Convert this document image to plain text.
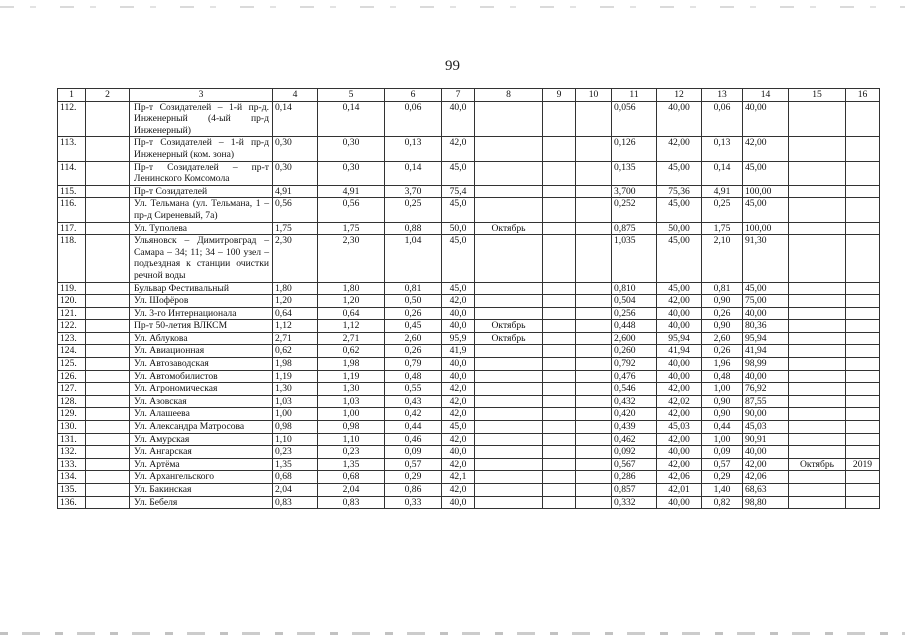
99
1	2	3	4	5	6	7	8	9	10	11	12	13	14	15	16
112.		Пр-т Созидателей – 1-й пр-д. Инженерный (4-ый пр-д Инженерный)	0,14	0,14	0,06	40,0				0,056	40,00	0,06	40,00		
113.		Пр-т Созидателей – 1-й пр-д Инженерный (ком. зона)	0,30	0,30	0,13	42,0				0,126	42,00	0,13	42,00		
114.		Пр-т Созидателей – пр-т Ленинского Комсомола	0,30	0,30	0,14	45,0				0,135	45,00	0,14	45,00		
115.		Пр-т Созидателей	4,91	4,91	3,70	75,4				3,700	75,36	4,91	100,00		
116.		Ул. Тельмана (ул. Тельмана, 1 – пр-д Сиреневый, 7а)	0,56	0,56	0,25	45,0				0,252	45,00	0,25	45,00		
117.		Ул. Туполева	1,75	1,75	0,88	50,0	Октябрь			0,875	50,00	1,75	100,00		
118.		Ульяновск – Димитровград – Самара – 34; 11; 34 – 100 узел – подъездная к станции очистки речной воды	2,30	2,30	1,04	45,0				1,035	45,00	2,10	91,30		
119.		Бульвар Фестивальный	1,80	1,80	0,81	45,0				0,810	45,00	0,81	45,00		
120.		Ул. Шофёров	1,20	1,20	0,50	42,0				0,504	42,00	0,90	75,00		
121.		Ул. 3-го Интернационала	0,64	0,64	0,26	40,0				0,256	40,00	0,26	40,00		
122.		Пр-т 50-летия ВЛКСМ	1,12	1,12	0,45	40,0	Октябрь			0,448	40,00	0,90	80,36		
123.		Ул. Аблукова	2,71	2,71	2,60	95,9	Октябрь			2,600	95,94	2,60	95,94		
124.		Ул. Авиационная	0,62	0,62	0,26	41,9				0,260	41,94	0,26	41,94		
125.		Ул. Автозаводская	1,98	1,98	0,79	40,0				0,792	40,00	1,96	98,99		
126.		Ул. Автомобилистов	1,19	1,19	0,48	40,0				0,476	40,00	0,48	40,00		
127.		Ул. Агрономическая	1,30	1,30	0,55	42,0				0,546	42,00	1,00	76,92		
128.		Ул. Азовская	1,03	1,03	0,43	42,0				0,432	42,02	0,90	87,55		
129.		Ул. Алашеева	1,00	1,00	0,42	42,0				0,420	42,00	0,90	90,00		
130.		Ул. Александра Матросова	0,98	0,98	0,44	45,0				0,439	45,03	0,44	45,03		
131.		Ул. Амурская	1,10	1,10	0,46	42,0				0,462	42,00	1,00	90,91		
132.		Ул. Ангарская	0,23	0,23	0,09	40,0				0,092	40,00	0,09	40,00		
133.		Ул. Артёма	1,35	1,35	0,57	42,0				0,567	42,00	0,57	42,00	Октябрь	2019
134.		Ул. Архангельского	0,68	0,68	0,29	42,1				0,286	42,06	0,29	42,06		
135.		Ул. Бакинская	2,04	2,04	0,86	42,0				0,857	42,01	1,40	68,63		
136.		Ул. Бебеля	0,83	0,83	0,33	40,0				0,332	40,00	0,82	98,80		
